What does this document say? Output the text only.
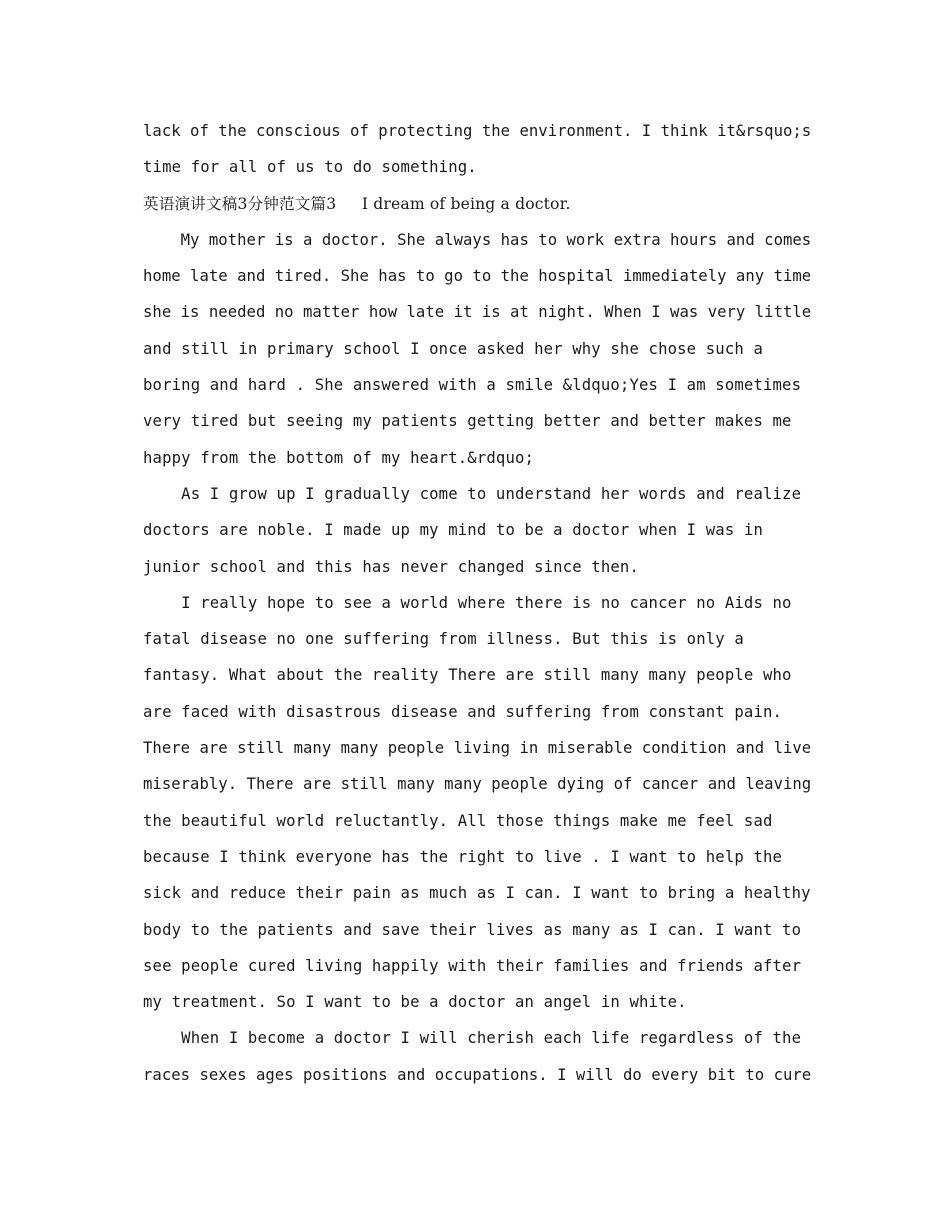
lack of the conscious of protecting the environment. I think it&rsquo;s
time for all of us to do something.
英语演讲文稿3分钟范文篇3     I dream of being a doctor.
My mother is a doctor. She always has to work extra hours and comes
home late and tired. She has to go to the hospital immediately any time
she is needed no matter how late it is at night. When I was very little
and still in primary school I once asked her why she chose such a
boring and hard . She answered with a smile &ldquo;Yes I am sometimes
very tired but seeing my patients getting better and better makes me
happy from the bottom of my heart.&rdquo;
As I grow up I gradually come to understand her words and realize
doctors are noble. I made up my mind to be a doctor when I was in
junior school and this has never changed since then.
I really hope to see a world where there is no cancer no Aids no
fatal disease no one suffering from illness. But this is only a
fantasy. What about the reality There are still many many people who
are faced with disastrous disease and suffering from constant pain.
There are still many many people living in miserable condition and live
miserably. There are still many many people dying of cancer and leaving
the beautiful world reluctantly. All those things make me feel sad
because I think everyone has the right to live . I want to help the
sick and reduce their pain as much as I can. I want to bring a healthy
body to the patients and save their lives as many as I can. I want to
see people cured living happily with their families and friends after
my treatment. So I want to be a doctor an angel in white.
When I become a doctor I will cherish each life regardless of the
races sexes ages positions and occupations. I will do every bit to cure
